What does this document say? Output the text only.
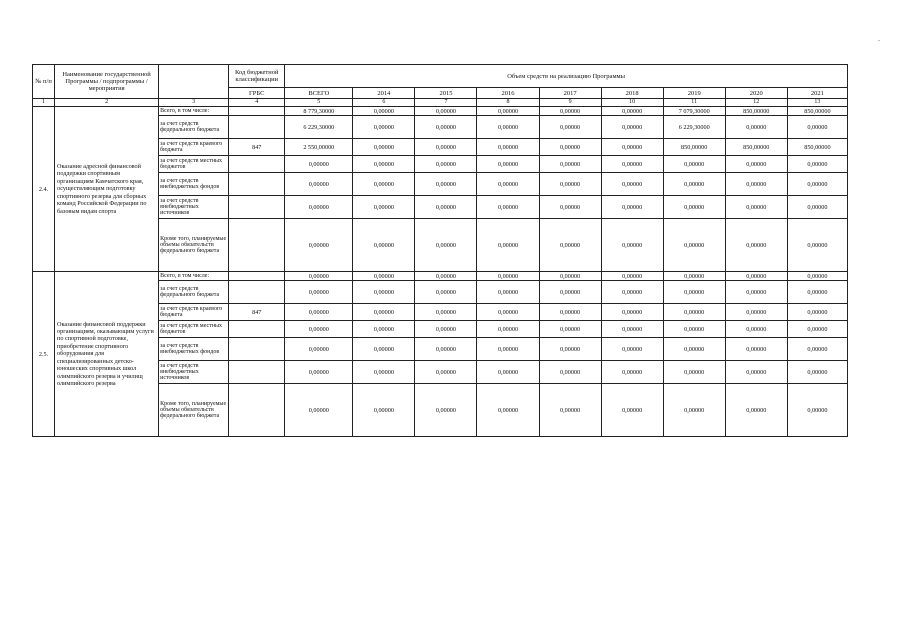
-
№ п/п	Наименование государственной Программы / подпрограммы / мероприятия		Код бюджетной классификации	Объем средств на реализацию Программы								
			ГРБС	ВСЕГО	2014	2015	2016	2017	2018	2019	2020	2021
1	2	3	4	5	6	7	8	9	10	11	12	13
2.4.	Оказание адресной финансовой поддержки спортивным организациям Камчатского края, осуществляющим подготовку спортивного резерва для сборных команд Российской Федерации по базовым видам спорта	Всего, в том числе:		8 779,30000	0,00000	0,00000	0,00000	0,00000	0,00000	7 079,30000	850,00000	850,00000
		за счет средств федерального бюджета		6 229,30000	0,00000	0,00000	0,00000	0,00000	0,00000	6 229,30000	0,00000	0,00000
		за счет средств краевого бюджета	847	2 550,00000	0,00000	0,00000	0,00000	0,00000	0,00000	850,00000	850,00000	850,00000
		за счет средств местных бюджетов		0,00000	0,00000	0,00000	0,00000	0,00000	0,00000	0,00000	0,00000	0,00000
		за счет средств внебюджетных фондов		0,00000	0,00000	0,00000	0,00000	0,00000	0,00000	0,00000	0,00000	0,00000
		за счет средств внебюджетных источников		0,00000	0,00000	0,00000	0,00000	0,00000	0,00000	0,00000	0,00000	0,00000
		Кроме того, планируемые объемы обязательств федерального бюджета		0,00000	0,00000	0,00000	0,00000	0,00000	0,00000	0,00000	0,00000	0,00000
2.5.	Оказание финансовой поддержки организациям, оказывающим услуги по спортивной подготовке, приобретение спортивного оборудования для специализированных детско-юношеских спортивных школ олимпийского резерва и училищ олимпийского резерва	Всего, в том числе:		0,00000	0,00000	0,00000	0,00000	0,00000	0,00000	0,00000	0,00000	0,00000
		за счет средств федерального бюджета		0,00000	0,00000	0,00000	0,00000	0,00000	0,00000	0,00000	0,00000	0,00000
		за счет средств краевого бюджета	847	0,00000	0,00000	0,00000	0,00000	0,00000	0,00000	0,00000	0,00000	0,00000
		за счет средств местных бюджетов		0,00000	0,00000	0,00000	0,00000	0,00000	0,00000	0,00000	0,00000	0,00000
		за счет средств внебюджетных фондов		0,00000	0,00000	0,00000	0,00000	0,00000	0,00000	0,00000	0,00000	0,00000
		за счет средств внебюджетных источников		0,00000	0,00000	0,00000	0,00000	0,00000	0,00000	0,00000	0,00000	0,00000
		Кроме того, планируемые объемы обязательств федерального бюджета		0,00000	0,00000	0,00000	0,00000	0,00000	0,00000	0,00000	0,00000	0,00000
